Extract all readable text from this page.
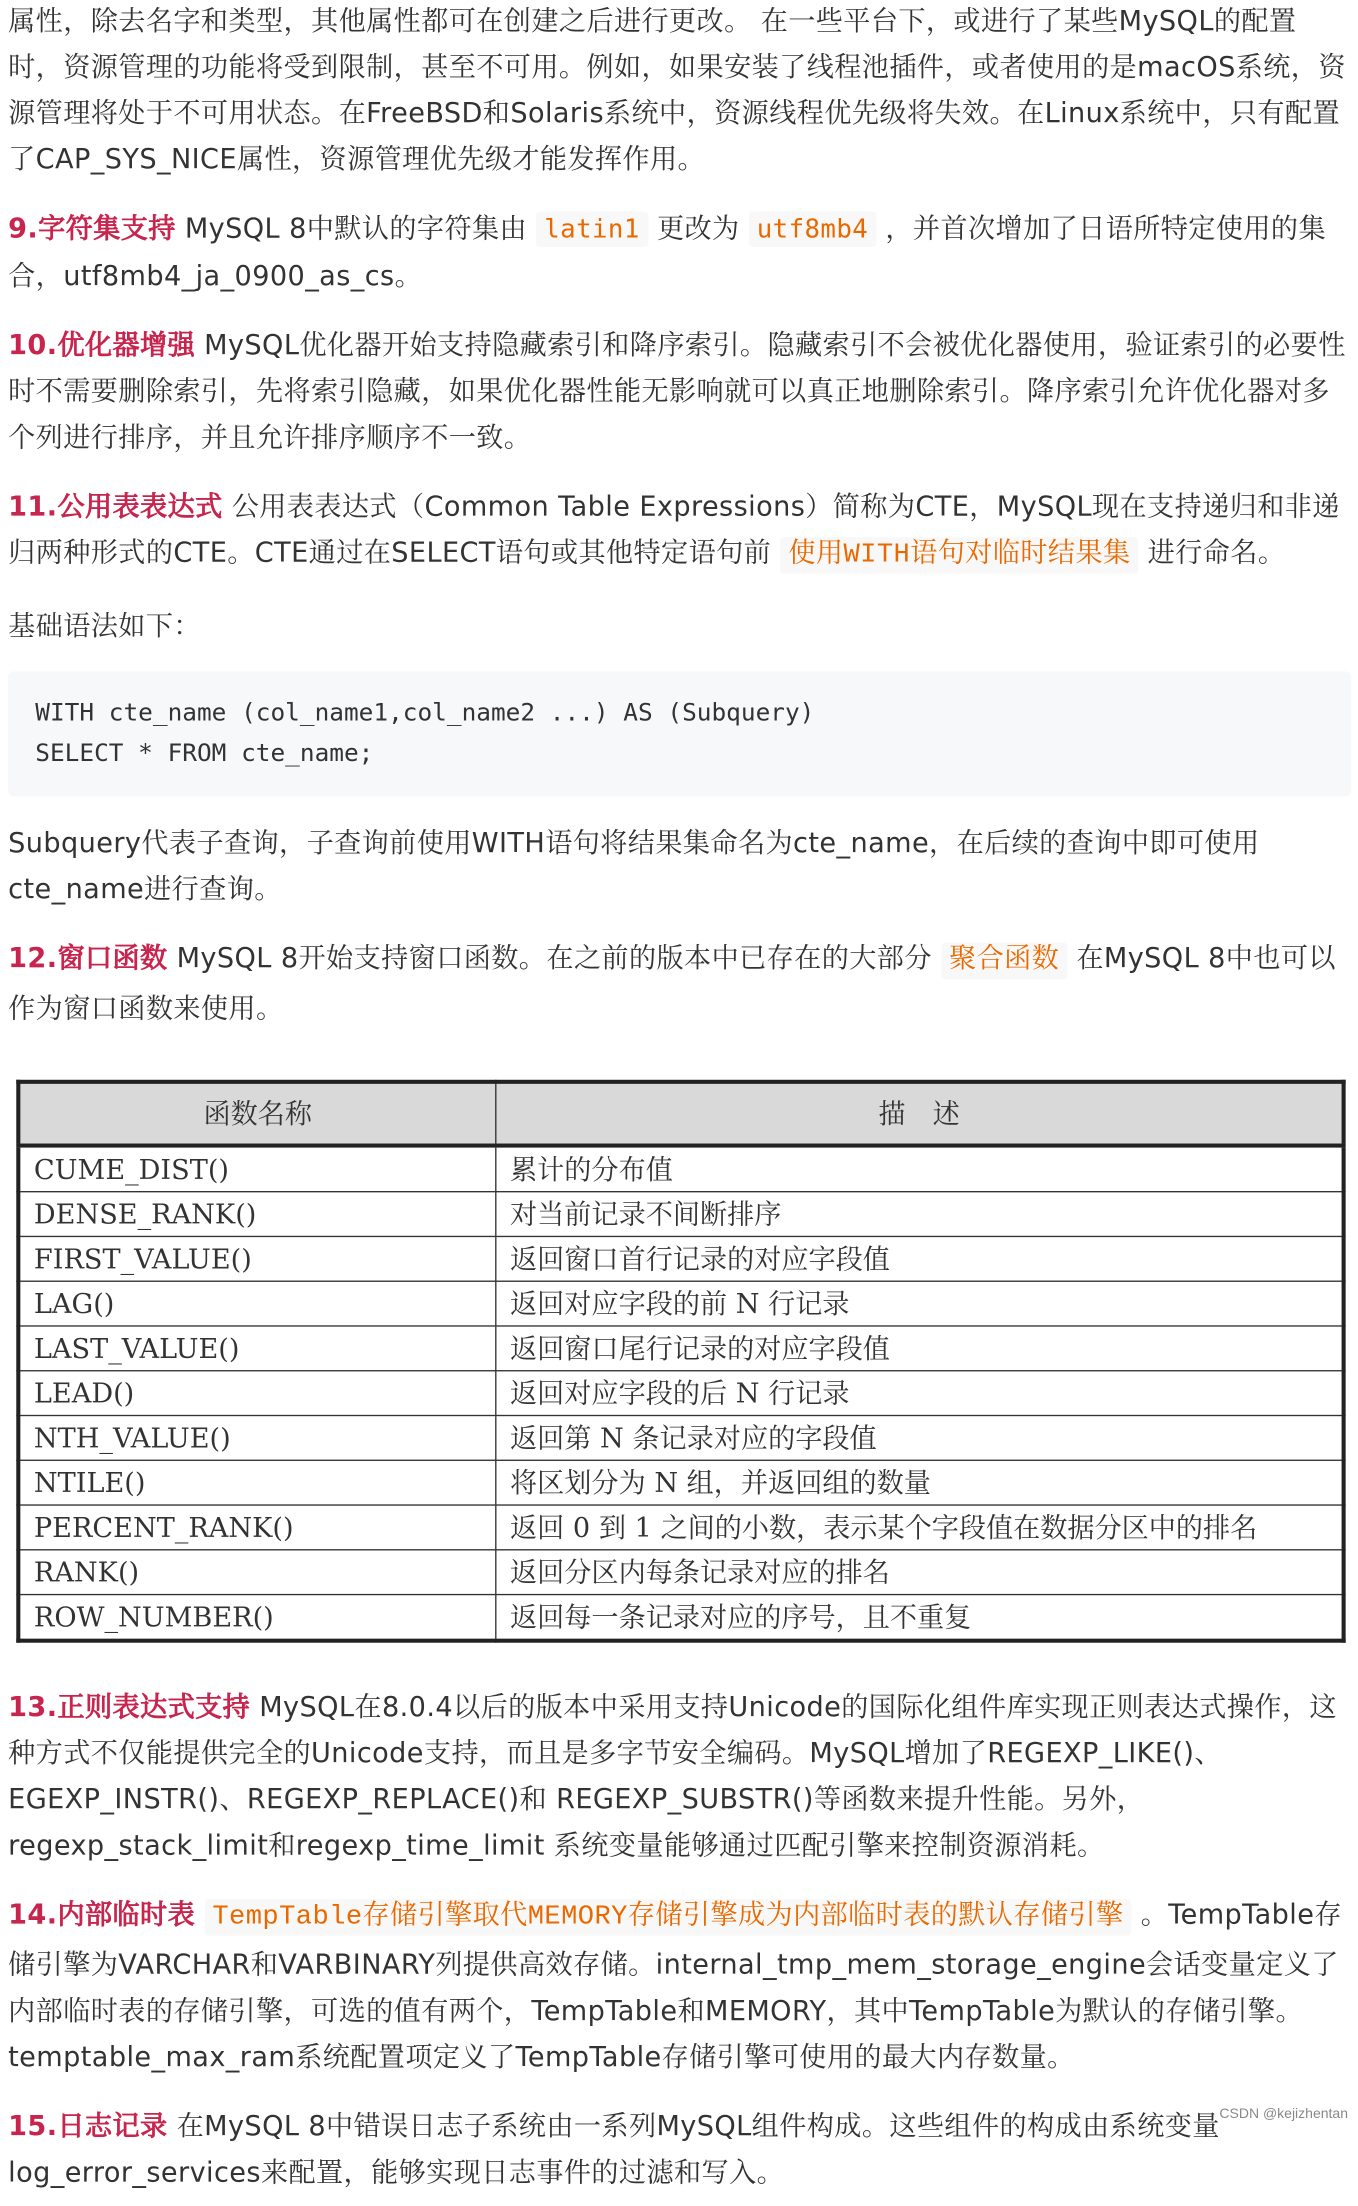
属性，除去名字和类型，其他属性都可在创建之后进行更改。 在一些平台下，或进行了某些MySQL的配置时，资源管理的功能将受到限制，甚至不可用。例如，如果安装了线程池插件，或者使用的是macOS系统，资源管理将处于不可用状态。在FreeBSD和Solaris系统中，资源线程优先级将失效。在Linux系统中，只有配置了CAP_SYS_NICE属性，资源管理优先级才能发挥作用。

9.字符集支持 MySQL 8中默认的字符集由 latin1 更改为 utf8mb4 ，并首次增加了日语所特定使用的集合，utf8mb4_ja_0900_as_cs。

10.优化器增强 MySQL优化器开始支持隐藏索引和降序索引。隐藏索引不会被优化器使用，验证索引的必要性时不需要删除索引，先将索引隐藏，如果优化器性能无影响就可以真正地删除索引。降序索引允许优化器对多个列进行排序，并且允许排序顺序不一致。

11.公用表表达式 公用表表达式（Common Table Expressions）简称为CTE，MySQL现在支持递归和非递归两种形式的CTE。CTE通过在SELECT语句或其他特定语句前 使用WITH语句对临时结果集 进行命名。

基础语法如下：

WITH cte_name (col_name1,col_name2 ...) AS (Subquery)
SELECT * FROM cte_name;

Subquery代表子查询，子查询前使用WITH语句将结果集命名为cte_name，在后续的查询中即可使用cte_name进行查询。

12.窗口函数 MySQL 8开始支持窗口函数。在之前的版本中已存在的大部分 聚合函数 在MySQL 8中也可以作为窗口函数来使用。

函数名称	描　述
CUME_DIST()	累计的分布值
DENSE_RANK()	对当前记录不间断排序
FIRST_VALUE()	返回窗口首行记录的对应字段值
LAG()	返回对应字段的前 N 行记录
LAST_VALUE()	返回窗口尾行记录的对应字段值
LEAD()	返回对应字段的后 N 行记录
NTH_VALUE()	返回第 N 条记录对应的字段值
NTILE()	将区划分为 N 组，并返回组的数量
PERCENT_RANK()	返回 0 到 1 之间的小数，表示某个字段值在数据分区中的排名
RANK()	返回分区内每条记录对应的排名
ROW_NUMBER()	返回每一条记录对应的序号，且不重复

13.正则表达式支持 MySQL在8.0.4以后的版本中采用支持Unicode的国际化组件库实现正则表达式操作，这种方式不仅能提供完全的Unicode支持，而且是多字节安全编码。MySQL增加了REGEXP_LIKE()、EGEXP_INSTR()、REGEXP_REPLACE()和 REGEXP_SUBSTR()等函数来提升性能。另外，regexp_stack_limit和regexp_time_limit 系统变量能够通过匹配引擎来控制资源消耗。

14.内部临时表 TempTable存储引擎取代MEMORY存储引擎成为内部临时表的默认存储引擎 。TempTable存储引擎为VARCHAR和VARBINARY列提供高效存储。internal_tmp_mem_storage_engine会话变量定义了内部临时表的存储引擎，可选的值有两个，TempTable和MEMORY，其中TempTable为默认的存储引擎。temptable_max_ram系统配置项定义了TempTable存储引擎可使用的最大内存数量。

15.日志记录 在MySQL 8中错误日志子系统由一系列MySQL组件构成。这些组件的构成由系统变量log_error_services来配置，能够实现日志事件的过滤和写入。

CSDN @kejizhentan
